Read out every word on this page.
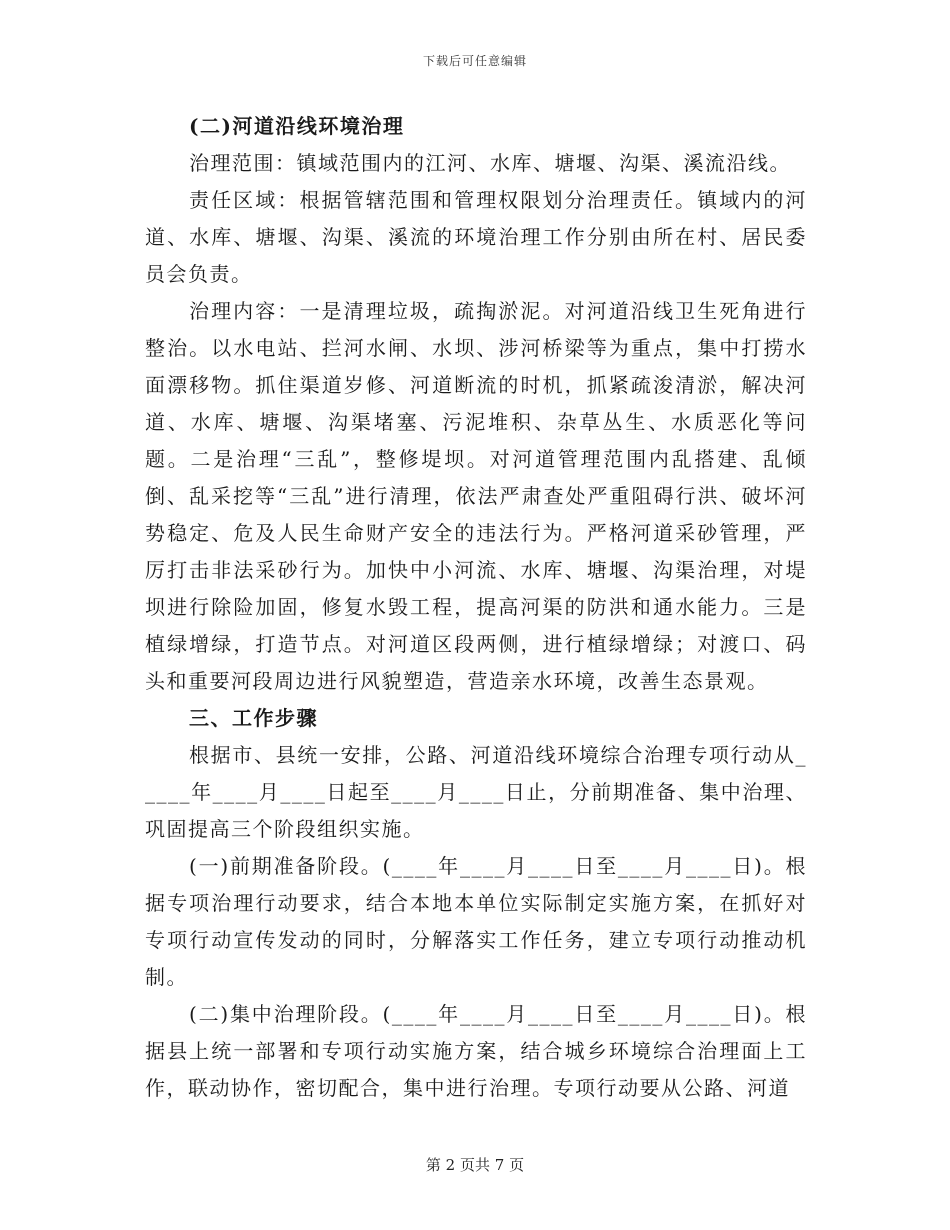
下载后可任意编辑

(二)河道沿线环境治理

治理范围：镇域范围内的江河、水库、塘堰、沟渠、溪流沿线。

责任区域：根据管辖范围和管理权限划分治理责任。镇域内的河道、水库、塘堰、沟渠、溪流的环境治理工作分别由所在村、居民委员会负责。

治理内容：一是清理垃圾，疏掏淤泥。对河道沿线卫生死角进行整治。以水电站、拦河水闸、水坝、涉河桥梁等为重点，集中打捞水面漂移物。抓住渠道岁修、河道断流的时机，抓紧疏浚清淤，解决河道、水库、塘堰、沟渠堵塞、污泥堆积、杂草丛生、水质恶化等问题。二是治理“三乱”，整修堤坝。对河道管理范围内乱搭建、乱倾倒、乱采挖等“三乱”进行清理，依法严肃查处严重阻碍行洪、破坏河势稳定、危及人民生命财产安全的违法行为。严格河道采砂管理，严厉打击非法采砂行为。加快中小河流、水库、塘堰、沟渠治理，对堤坝进行除险加固，修复水毁工程，提高河渠的防洪和通水能力。三是植绿增绿，打造节点。对河道区段两侧，进行植绿增绿；对渡口、码头和重要河段周边进行风貌塑造，营造亲水环境，改善生态景观。

三、工作步骤

根据市、县统一安排，公路、河道沿线环境综合治理专项行动从_____年____月____日起至____月____日止，分前期准备、集中治理、巩固提高三个阶段组织实施。

(一)前期准备阶段。(____年____月____日至____月____日)。根据专项治理行动要求，结合本地本单位实际制定实施方案，在抓好对专项行动宣传发动的同时，分解落实工作任务，建立专项行动推动机制。

(二)集中治理阶段。(____年____月____日至____月____日)。根据县上统一部署和专项行动实施方案，结合城乡环境综合治理面上工作，联动协作，密切配合，集中进行治理。专项行动要从公路、河道

第 2 页共 7 页
